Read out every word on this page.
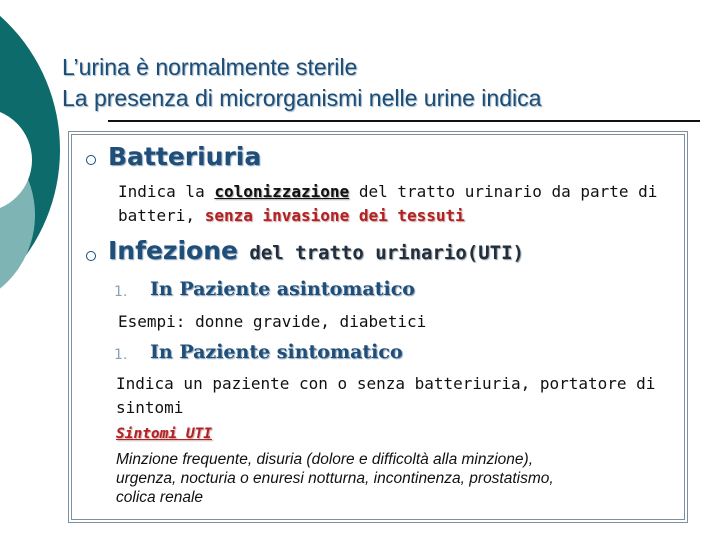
L’urina è normalmente sterile
La presenza di microrganismi nelle urine indica
Batteriuria
Indica la colonizzazione del tratto urinario da parte di
batteri, senza invasione dei tessuti
Infezione del tratto urinario(UTI)
1. In Paziente asintomatico
Esempi: donne gravide, diabetici
1. In Paziente sintomatico
Indica un paziente con o senza batteriuria, portatore di
sintomi
Sintomi UTI
Minzione frequente, disuria (dolore e difficoltà alla minzione),
urgenza, nocturia o enuresi notturna, incontinenza, prostatismo,
colica renale
